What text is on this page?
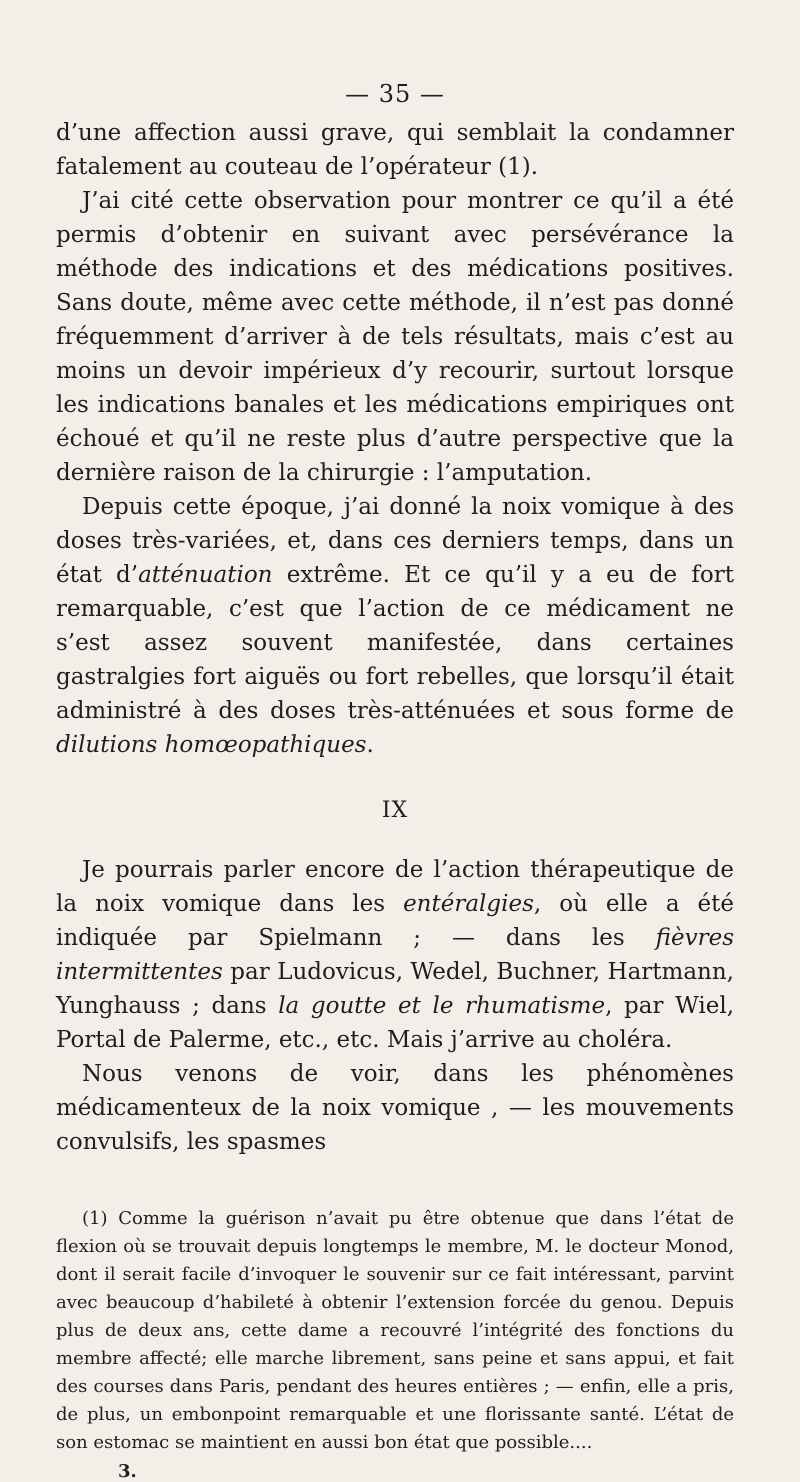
— 35 —

d’une affection aussi grave, qui semblait la condamner fatalement au couteau de l’opérateur (1).

J’ai cité cette observation pour montrer ce qu’il a été permis d’obtenir en suivant avec persévérance la méthode des indications et des médications positives. Sans doute, même avec cette méthode, il n’est pas donné fréquemment d’arriver à de tels résultats, mais c’est au moins un devoir impérieux d’y recourir, surtout lorsque les indications banales et les médications empiriques ont échoué et qu’il ne reste plus d’autre perspective que la dernière raison de la chirurgie : l’amputation.

Depuis cette époque, j’ai donné la noix vomique à des doses très-variées, et, dans ces derniers temps, dans un état d’atténuation extrême. Et ce qu’il y a eu de fort remarquable, c’est que l’action de ce médicament ne s’est assez souvent manifestée, dans certaines gastralgies fort aiguës ou fort rebelles, que lorsqu’il était administré à des doses très-atténuées et sous forme de dilutions homœopathiques.

IX

Je pourrais parler encore de l’action thérapeutique de la noix vomique dans les entéralgies, où elle a été indiquée par Spielmann ; — dans les fièvres intermittentes par Ludovicus, Wedel, Buchner, Hartmann, Yunghauss ; dans la goutte et le rhumatisme, par Wiel, Portal de Palerme, etc., etc. Mais j’arrive au choléra.

Nous venons de voir, dans les phénomènes médicamenteux de la noix vomique , — les mouvements convulsifs, les spasmes

(1) Comme la guérison n’avait pu être obtenue que dans l’état de flexion où se trouvait depuis longtemps le membre, M. le docteur Monod, dont il serait facile d’invoquer le souvenir sur ce fait intéressant, parvint avec beaucoup d’habileté à obtenir l’extension forcée du genou. Depuis plus de deux ans, cette dame a recouvré l’intégrité des fonctions du membre affecté; elle marche librement, sans peine et sans appui, et fait des courses dans Paris, pendant des heures entières ; — enfin, elle a pris, de plus, un embonpoint remarquable et une florissante santé. L’état de son estomac se maintient en aussi bon état que possible....

3.
